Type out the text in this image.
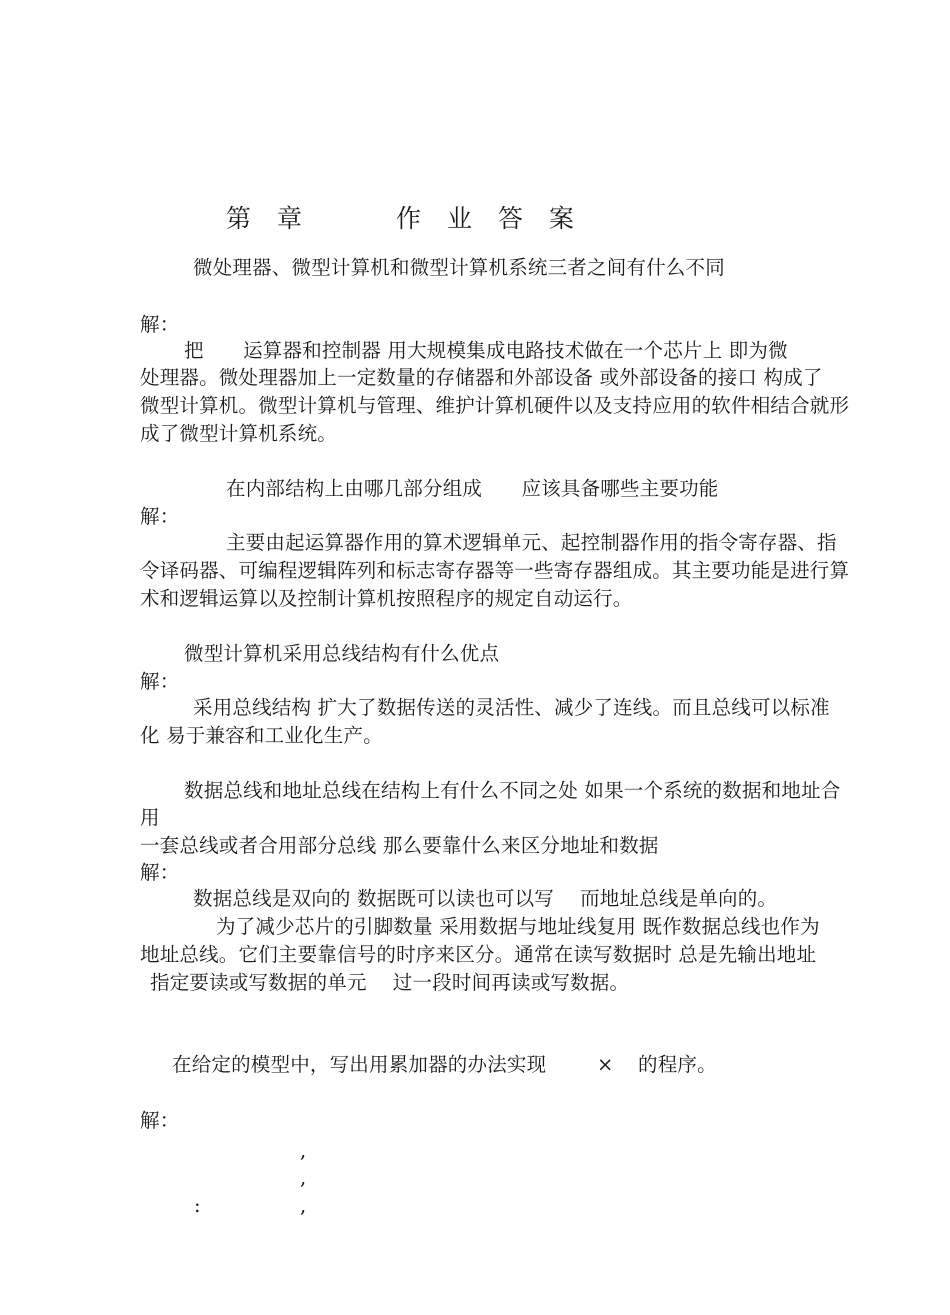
第 章	作 业 答 案
微处理器、微型计算机和微型计算机系统三者之间有什么不同
解：
把　　运算器和控制器 用大规模集成电路技术做在一个芯片上 即为微
处理器。微处理器加上一定数量的存储器和外部设备 或外部设备的接口 构成了
微型计算机。微型计算机与管理、维护计算机硬件以及支持应用的软件相结合就形
成了微型计算机系统。
在内部结构上由哪几部分组成　　应该具备哪些主要功能
解：
主要由起运算器作用的算术逻辑单元、起控制器作用的指令寄存器、指
令译码器、可编程逻辑阵列和标志寄存器等一些寄存器组成。其主要功能是进行算
术和逻辑运算以及控制计算机按照程序的规定自动运行。
微型计算机采用总线结构有什么优点
解：
采用总线结构 扩大了数据传送的灵活性、减少了连线。而且总线可以标准
化 易于兼容和工业化生产。
数据总线和地址总线在结构上有什么不同之处 如果一个系统的数据和地址合
用
一套总线或者合用部分总线 那么要靠什么来区分地址和数据
解：
数据总线是双向的 数据既可以读也可以写　 而地址总线是单向的。
为了减少芯片的引脚数量 采用数据与地址线复用 既作数据总线也作为
地址总线。它们主要靠信号的时序来区分。通常在读写数据时 总是先输出地址
指定要读或写数据的单元　 过一段时间再读或写数据。
在给定的模型中，写出用累加器的办法实现	× 的程序。
解：
,
,
:	,
